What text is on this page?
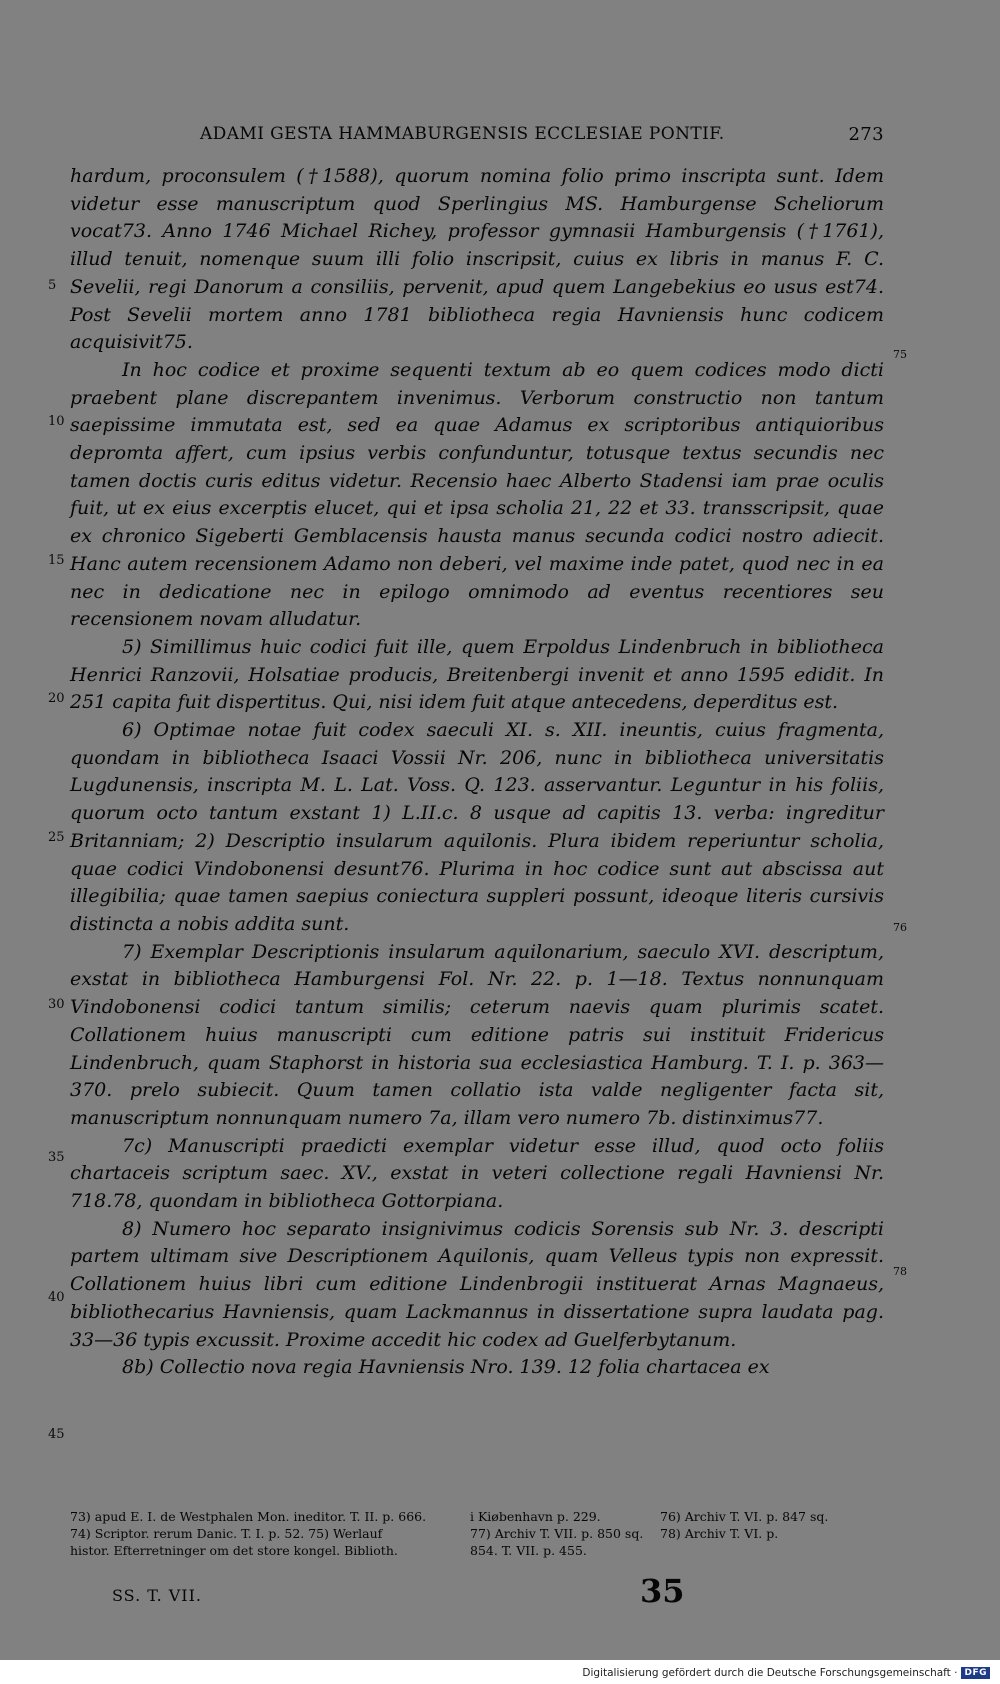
ADAMI GESTA HAMMABURGENSIS ECCLESIAE PONTIF.	273
5
10
15
20
25
30
35
40
45
75
76
78

hardum, proconsulem (†1588), quorum nomina folio primo inscripta sunt. Idem videtur esse manuscriptum quod Sperlingius MS. Hamburgense Scheliorum vocat73. Anno 1746 Michael Richey, professor gymnasii Hamburgensis (†1761), illud tenuit, nomenque suum illi folio inscripsit, cuius ex libris in manus F. C. Sevelii, regi Danorum a consiliis, pervenit, apud quem Langebekius eo usus est74. Post Sevelii mortem anno 1781 bibliotheca regia Havniensis hunc codicem acquisivit75.

In hoc codice et proxime sequenti textum ab eo quem codices modo dicti praebent plane discrepantem invenimus. Verborum constructio non tantum saepissime immutata est, sed ea quae Adamus ex scriptoribus antiquioribus depromta affert, cum ipsius verbis confunduntur, totusque textus secundis nec tamen doctis curis editus videtur. Recensio haec Alberto Stadensi iam prae oculis fuit, ut ex eius excerptis elucet, qui et ipsa scholia 21, 22 et 33. transscripsit, quae ex chronico Sigeberti Gemblacensis hausta manus secunda codici nostro adiecit. Hanc autem recensionem Adamo non deberi, vel maxime inde patet, quod nec in ea nec in dedicatione nec in epilogo omnimodo ad eventus recentiores seu recensionem novam alludatur.

5) Simillimus huic codici fuit ille, quem Erpoldus Lindenbruch in bibliotheca Henrici Ranzovii, Holsatiae producis, Breitenbergi invenit et anno 1595 edidit. In 251 capita fuit dispertitus. Qui, nisi idem fuit atque antecedens, deperditus est.

6) Optimae notae fuit codex saeculi XI. s. XII. ineuntis, cuius fragmenta, quondam in bibliotheca Isaaci Vossii Nr. 206, nunc in bibliotheca universitatis Lugdunensis, inscripta M. L. Lat. Voss. Q. 123. asservantur. Leguntur in his foliis, quorum octo tantum exstant 1) L.II.c. 8 usque ad capitis 13. verba: ingreditur Britanniam; 2) Descriptio insularum aquilonis. Plura ibidem reperiuntur scholia, quae codici Vindobonensi desunt76. Plurima in hoc codice sunt aut abscissa aut illegibilia; quae tamen saepius coniectura suppleri possunt, ideoque literis cursivis distincta a nobis addita sunt.

7) Exemplar Descriptionis insularum aquilonarium, saeculo XVI. descriptum, exstat in bibliotheca Hamburgensi Fol. Nr. 22. p. 1—18. Textus nonnunquam Vindobonensi codici tantum similis; ceterum naevis quam plurimis scatet. Collationem huius manuscripti cum editione patris sui instituit Fridericus Lindenbruch, quam Staphorst in historia sua ecclesiastica Hamburg. T. I. p. 363—370. prelo subiecit. Quum tamen collatio ista valde negligenter facta sit, manuscriptum nonnunquam numero 7a, illam vero numero 7b. distinximus77.

7c) Manuscripti praedicti exemplar videtur esse illud, quod octo foliis chartaceis scriptum saec. XV., exstat in veteri collectione regali Havniensi Nr. 718.78, quondam in bibliotheca Gottorpiana.

8) Numero hoc separato insignivimus codicis Sorensis sub Nr. 3. descripti partem ultimam sive Descriptionem Aquilonis, quam Velleus typis non expressit. Collationem huius libri cum editione Lindenbrogii instituerat Arnas Magnaeus, bibliothecarius Havniensis, quam Lackmannus in dissertatione supra laudata pag. 33—36 typis excussit. Proxime accedit hic codex ad Guelferbytanum.

8b) Collectio nova regia Havniensis Nro. 139. 12 folia chartacea ex

73) apud E. I. de Westphalen Mon. ineditor. T. II. p. 666.	i Kiøbenhavn p. 229.	76) Archiv T. VI. p. 847 sq.
74) Scriptor. rerum Danic. T. I. p. 52. 75) Werlauf	77) Archiv T. VII. p. 850 sq.	78) Archiv T. VI. p.
histor. Efterretninger om det store kongel. Biblioth.	854. T. VII. p. 455.
SS. T. VII.	35
Digitalisierung gefördert durch die Deutsche Forschungsgemeinschaft · DFG
